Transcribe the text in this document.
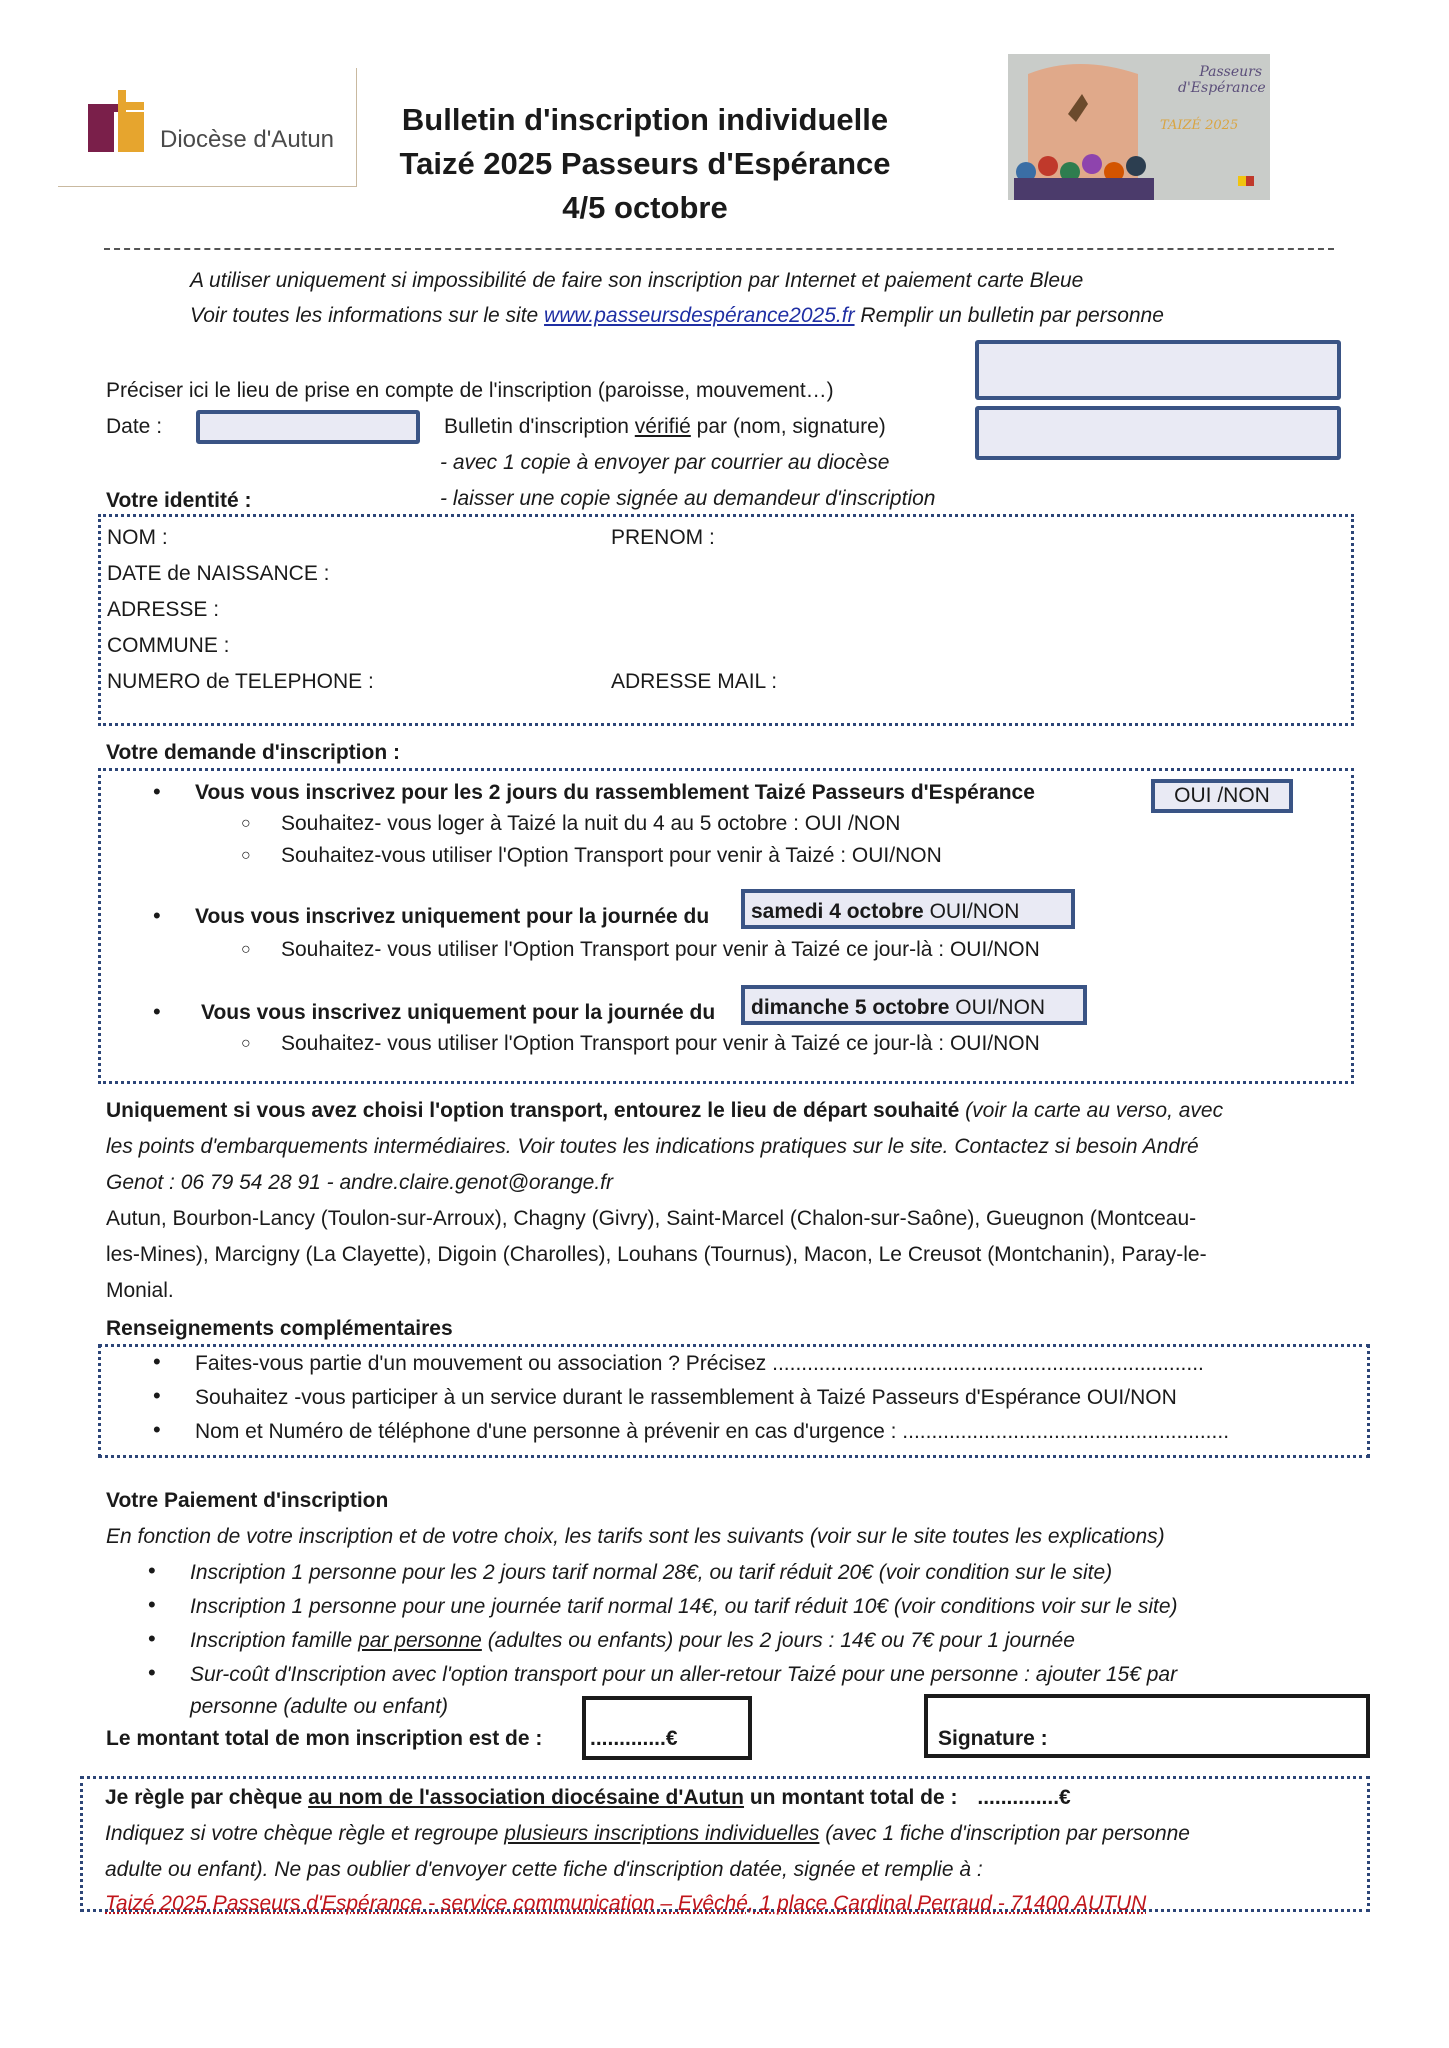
Diocèse d'Autun
Bulletin d'inscription individuelle
Taizé 2025 Passeurs d'Espérance
4/5 octobre
Passeurs
d'Espérance
TAIZÉ 2025
A utiliser uniquement si impossibilité de faire son inscription par Internet et paiement carte Bleue
Voir toutes les informations sur le site www.passeursdespérance2025.fr Remplir un bulletin par personne
Préciser ici le lieu de prise en compte de l'inscription (paroisse, mouvement…)
Date :	Bulletin d'inscription vérifié par (nom, signature)
- avec 1 copie à envoyer par courrier au diocèse
- laisser une copie signée au demandeur d'inscription
Votre identité :
NOM :	PRENOM :
DATE de NAISSANCE :
ADRESSE :
COMMUNE :
NUMERO de TELEPHONE :	ADRESSE MAIL :
Votre demande d'inscription :
• Vous vous inscrivez pour les 2 jours du rassemblement Taizé Passeurs d'Espérance	OUI /NON
○ Souhaitez- vous loger à Taizé la nuit du 4 au 5 octobre : OUI /NON
○ Souhaitez-vous utiliser l'Option Transport pour venir à Taizé : OUI/NON
• Vous vous inscrivez uniquement pour la journée du	samedi 4 octobre OUI/NON
○ Souhaitez- vous utiliser l'Option Transport pour venir à Taizé ce jour-là : OUI/NON
• Vous vous inscrivez uniquement pour la journée du	dimanche 5 octobre OUI/NON
○ Souhaitez- vous utiliser l'Option Transport pour venir à Taizé ce jour-là : OUI/NON
Uniquement si vous avez choisi l'option transport, entourez le lieu de départ souhaité (voir la carte au verso, avec
les points d'embarquements intermédiaires. Voir toutes les indications pratiques sur le site. Contactez si besoin André
Genot : 06 79 54 28 91 - andre.claire.genot@orange.fr
Autun, Bourbon-Lancy (Toulon-sur-Arroux), Chagny (Givry), Saint-Marcel (Chalon-sur-Saône), Gueugnon (Montceau-
les-Mines), Marcigny (La Clayette), Digoin (Charolles), Louhans (Tournus), Macon, Le Creusot (Montchanin), Paray-le-
Monial.
Renseignements complémentaires
• Faites-vous partie d'un mouvement ou association ? Précisez ..........................................................................
• Souhaitez -vous participer à un service durant le rassemblement à Taizé Passeurs d'Espérance OUI/NON
• Nom et Numéro de téléphone d'une personne à prévenir en cas d'urgence : ........................................................
Votre Paiement d'inscription
En fonction de votre inscription et de votre choix, les tarifs sont les suivants (voir sur le site toutes les explications)
• Inscription 1 personne pour les 2 jours tarif normal 28€, ou tarif réduit 20€ (voir condition sur le site)
• Inscription 1 personne pour une journée tarif normal 14€, ou tarif réduit 10€ (voir conditions voir sur le site)
• Inscription famille par personne (adultes ou enfants) pour les 2 jours : 14€ ou 7€ pour 1 journée
• Sur-coût d'Inscription avec l'option transport pour un aller-retour Taizé pour une personne : ajouter 15€ par
personne (adulte ou enfant)
Le montant total de mon inscription est de :	.............€	Signature :
Je règle par chèque au nom de l'association diocésaine d'Autun un montant total de : ..............€
Indiquez si votre chèque règle et regroupe plusieurs inscriptions individuelles (avec 1 fiche d'inscription par personne
adulte ou enfant). Ne pas oublier d'envoyer cette fiche d'inscription datée, signée et remplie à :
Taizé 2025 Passeurs d'Espérance - service communication – Evêché, 1 place Cardinal Perraud - 71400 AUTUN
